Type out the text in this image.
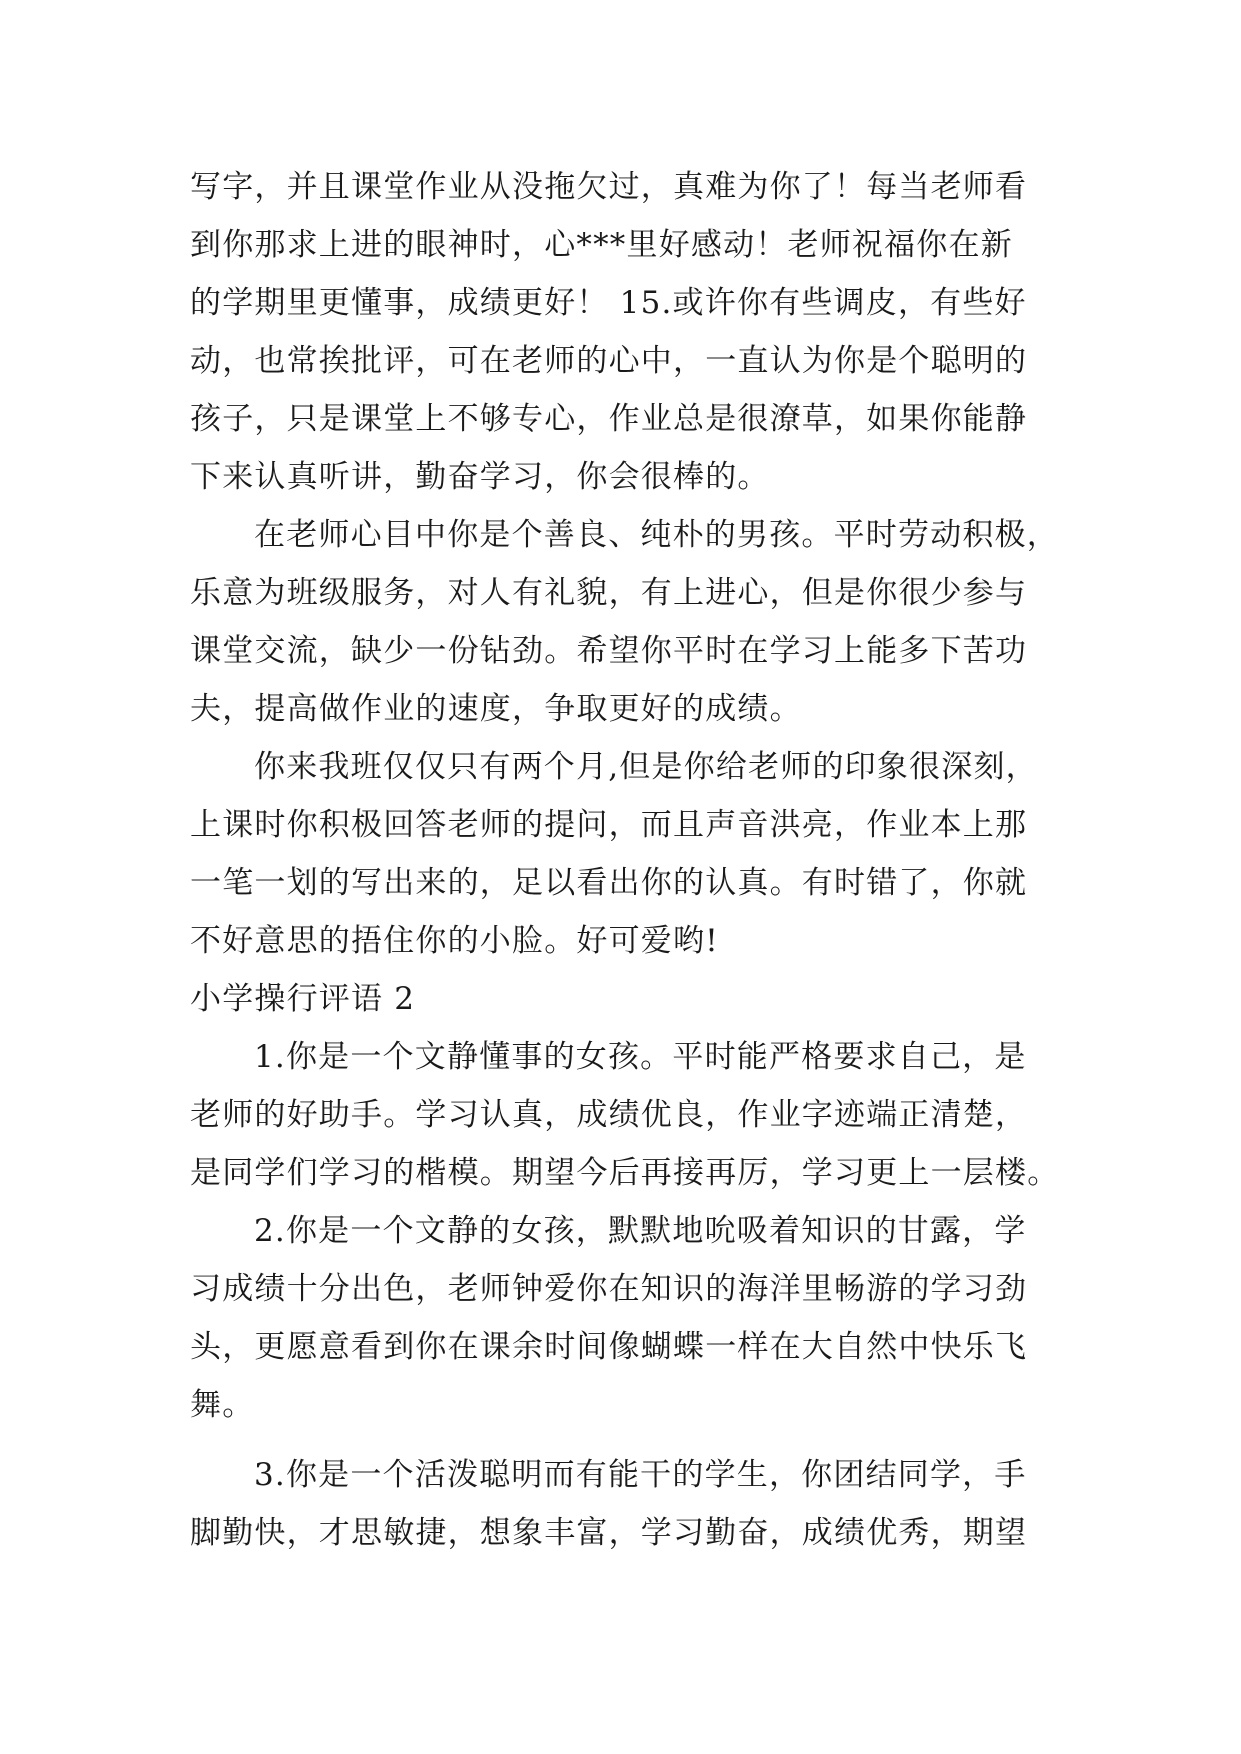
写字，并且课堂作业从没拖欠过，真难为你了！每当老师看
到你那求上进的眼神时，心***里好感动！老师祝福你在新
的学期里更懂事，成绩更好！ 15.或许你有些调皮，有些好
动，也常挨批评，可在老师的心中，一直认为你是个聪明的
孩子，只是课堂上不够专心，作业总是很潦草，如果你能静
下来认真听讲，勤奋学习，你会很棒的。
在老师心目中你是个善良、纯朴的男孩。平时劳动积极，
乐意为班级服务，对人有礼貌，有上进心，但是你很少参与
课堂交流，缺少一份钻劲。希望你平时在学习上能多下苦功
夫，提高做作业的速度，争取更好的成绩。
你来我班仅仅只有两个月,但是你给老师的印象很深刻，
上课时你积极回答老师的提问，而且声音洪亮，作业本上那
一笔一划的写出来的，足以看出你的认真。有时错了，你就
不好意思的捂住你的小脸。好可爱哟!
小学操行评语 2
1.你是一个文静懂事的女孩。平时能严格要求自己，是
老师的好助手。学习认真，成绩优良，作业字迹端正清楚，
是同学们学习的楷模。期望今后再接再厉，学习更上一层楼。
2.你是一个文静的女孩，默默地吮吸着知识的甘露，学
习成绩十分出色，老师钟爱你在知识的海洋里畅游的学习劲
头，更愿意看到你在课余时间像蝴蝶一样在大自然中快乐飞
舞。
3.你是一个活泼聪明而有能干的学生，你团结同学，手
脚勤快，才思敏捷，想象丰富，学习勤奋，成绩优秀，期望
